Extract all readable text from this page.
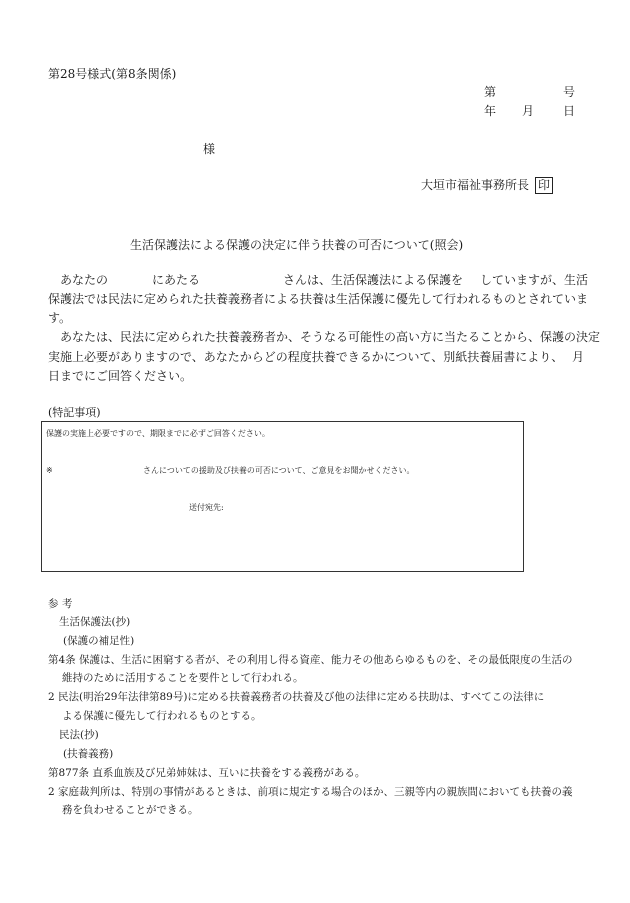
第28号様式(第8条関係)
第	号
年 月 日
様
大垣市福祉事務所長 印
生活保護法による保護の決定に伴う扶養の可否について(照会)
あなたの	にあたる	さんは、生活保護法による保護を していますが、生活
保護法では民法に定められた扶養義務者による扶養は生活保護に優先して行われるものとされていま
す。
あなたは、民法に定められた扶養義務者か、そうなる可能性の高い方に当たることから、保護の決定
実施上必要がありますので、あなたからどの程度扶養できるかについて、別紙扶養届書により、 月
日までにご回答ください。
(特記事項)
保護の実施上必要ですので、期限までに必ずご回答ください。
※	さんについての援助及び扶養の可否について、ご意見をお聞かせください。
送付宛先:
参 考
生活保護法(抄)
(保護の補足性)
第4条 保護は、生活に困窮する者が、その利用し得る資産、能力その他あらゆるものを、その最低限度の生活の
維持のために活用することを要件として行われる。
2 民法(明治29年法律第89号)に定める扶養義務者の扶養及び他の法律に定める扶助は、すべてこの法律に
よる保護に優先して行われるものとする。
民法(抄)
(扶養義務)
第877条 直系血族及び兄弟姉妹は、互いに扶養をする義務がある。
2 家庭裁判所は、特別の事情があるときは、前項に規定する場合のほか、三親等内の親族間においても扶養の義
務を負わせることができる。
